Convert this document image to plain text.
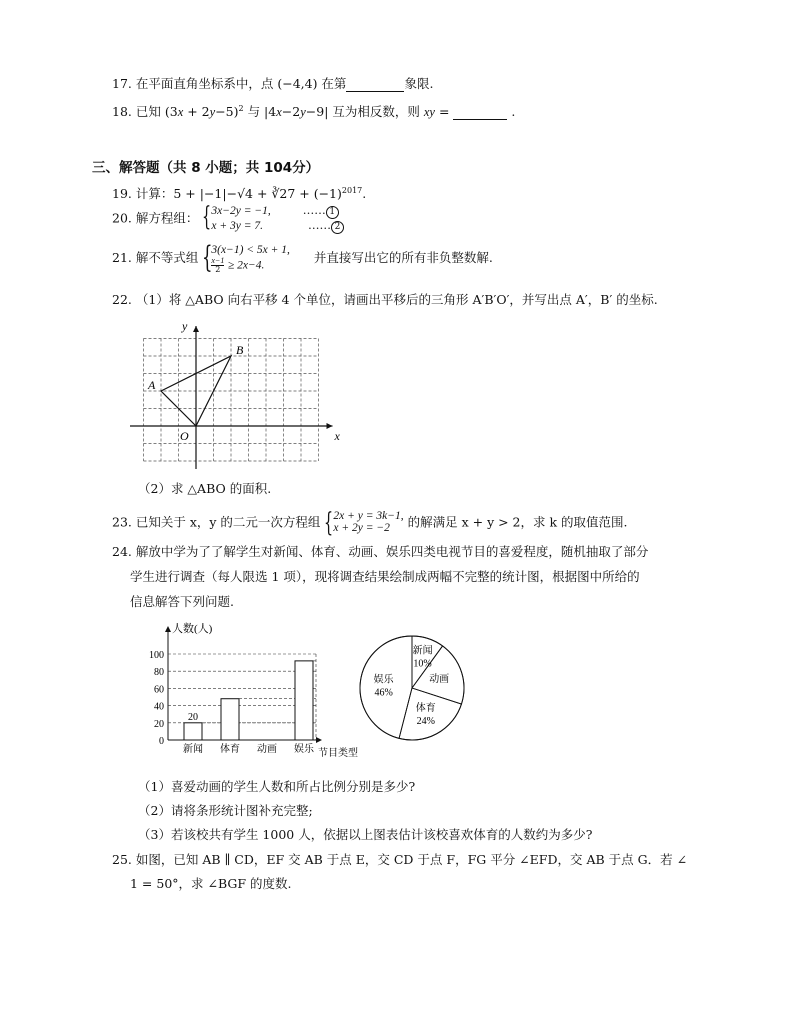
17. 在平面直角坐标系中，点 (−4,4) 在第	象限.
18. 已知 $(3x + 2y-5)^2$ 与 |4x−2y−9| 互为相反数，则 xy =	.
三、解答题（共 8 小题；共 104分）
19. 计算：5 + |−1|−√4 + ∛27 + $(-1)^{2017}$.
20. 解方程组： { 3x−2y = −1,	…… 1
x + 3y = 7.	…… 2
21. 解不等式组 {
3(x−1) < 5x + 1,
$\frac{x-1}{2} \ge 2x-4$.
并直接写出它的所有非负整数解.
22. （1）将 △ABO 向右平移 4 个单位，请画出平移后的三角形 A′B′O′，并写出点 A′，B′ 的坐标.
y
x
O
A
B
（2）求 △ABO 的面积.
23. 已知关于 x，y 的二元一次方程组 { 2x + y = 3k−1,
x + 2y = −2	的解满足 x + y > 2，求 k 的取值范围.
24. 解放中学为了了解学生对新闻、体育、动画、娱乐四类电视节目的喜爱程度，随机抽取了部分
学生进行调查（每人限选 1 项），现将调查结果绘制成两幅不完整的统计图，根据图中所给的
信息解答下列问题.
人数(人)
节目类型
0
20
40
60
80
100
新闻
20
体育 动画 娱乐
新闻
10%
动画
体育
24%
娱乐
46%
（1）喜爱动画的学生人数和所占比例分别是多少?
（2）请将条形统计图补充完整;
（3）若该校共有学生 1000 人，依据以上图表估计该校喜欢体育的人数约为多少?
25. 如图，已知 AB ∥ CD，EF 交 AB 于点 E，交 CD 于点 F，FG 平分 ∠EFD，交 AB 于点 G．若 ∠
1 = 50°，求 ∠BGF 的度数.
